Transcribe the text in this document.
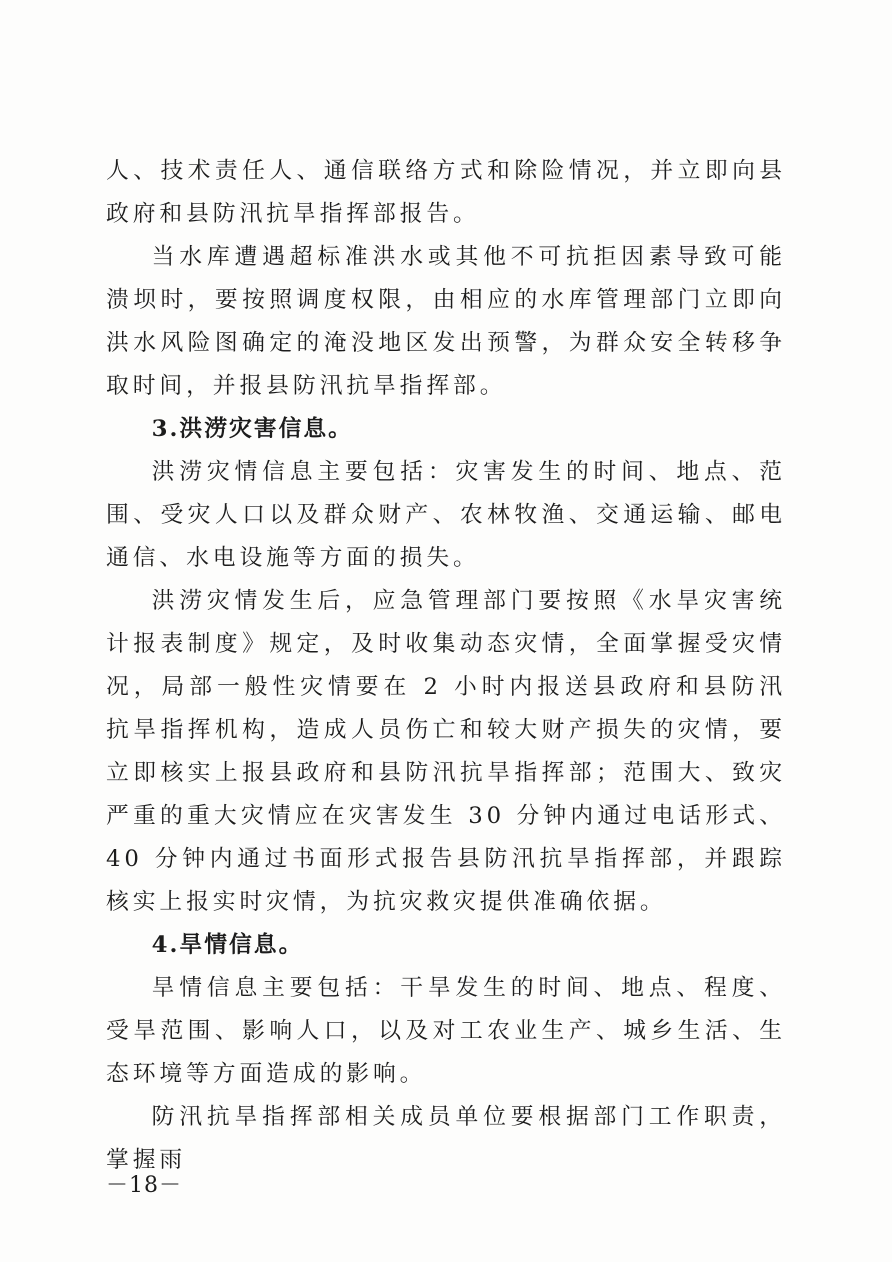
人、技术责任人、通信联络方式和除险情况，并立即向县政府和县防汛抗旱指挥部报告。

当水库遭遇超标准洪水或其他不可抗拒因素导致可能溃坝时，要按照调度权限，由相应的水库管理部门立即向洪水风险图确定的淹没地区发出预警，为群众安全转移争取时间，并报县防汛抗旱指挥部。

3.洪涝灾害信息。

洪涝灾情信息主要包括：灾害发生的时间、地点、范围、受灾人口以及群众财产、农林牧渔、交通运输、邮电通信、水电设施等方面的损失。

洪涝灾情发生后，应急管理部门要按照《水旱灾害统计报表制度》规定，及时收集动态灾情，全面掌握受灾情况，局部一般性灾情要在 2 小时内报送县政府和县防汛抗旱指挥机构，造成人员伤亡和较大财产损失的灾情，要立即核实上报县政府和县防汛抗旱指挥部；范围大、致灾严重的重大灾情应在灾害发生 30 分钟内通过电话形式、40 分钟内通过书面形式报告县防汛抗旱指挥部，并跟踪核实上报实时灾情，为抗灾救灾提供准确依据。

4.旱情信息。

旱情信息主要包括：干旱发生的时间、地点、程度、受旱范围、影响人口，以及对工农业生产、城乡生活、生态环境等方面造成的影响。

防汛抗旱指挥部相关成员单位要根据部门工作职责，掌握雨

－18－
